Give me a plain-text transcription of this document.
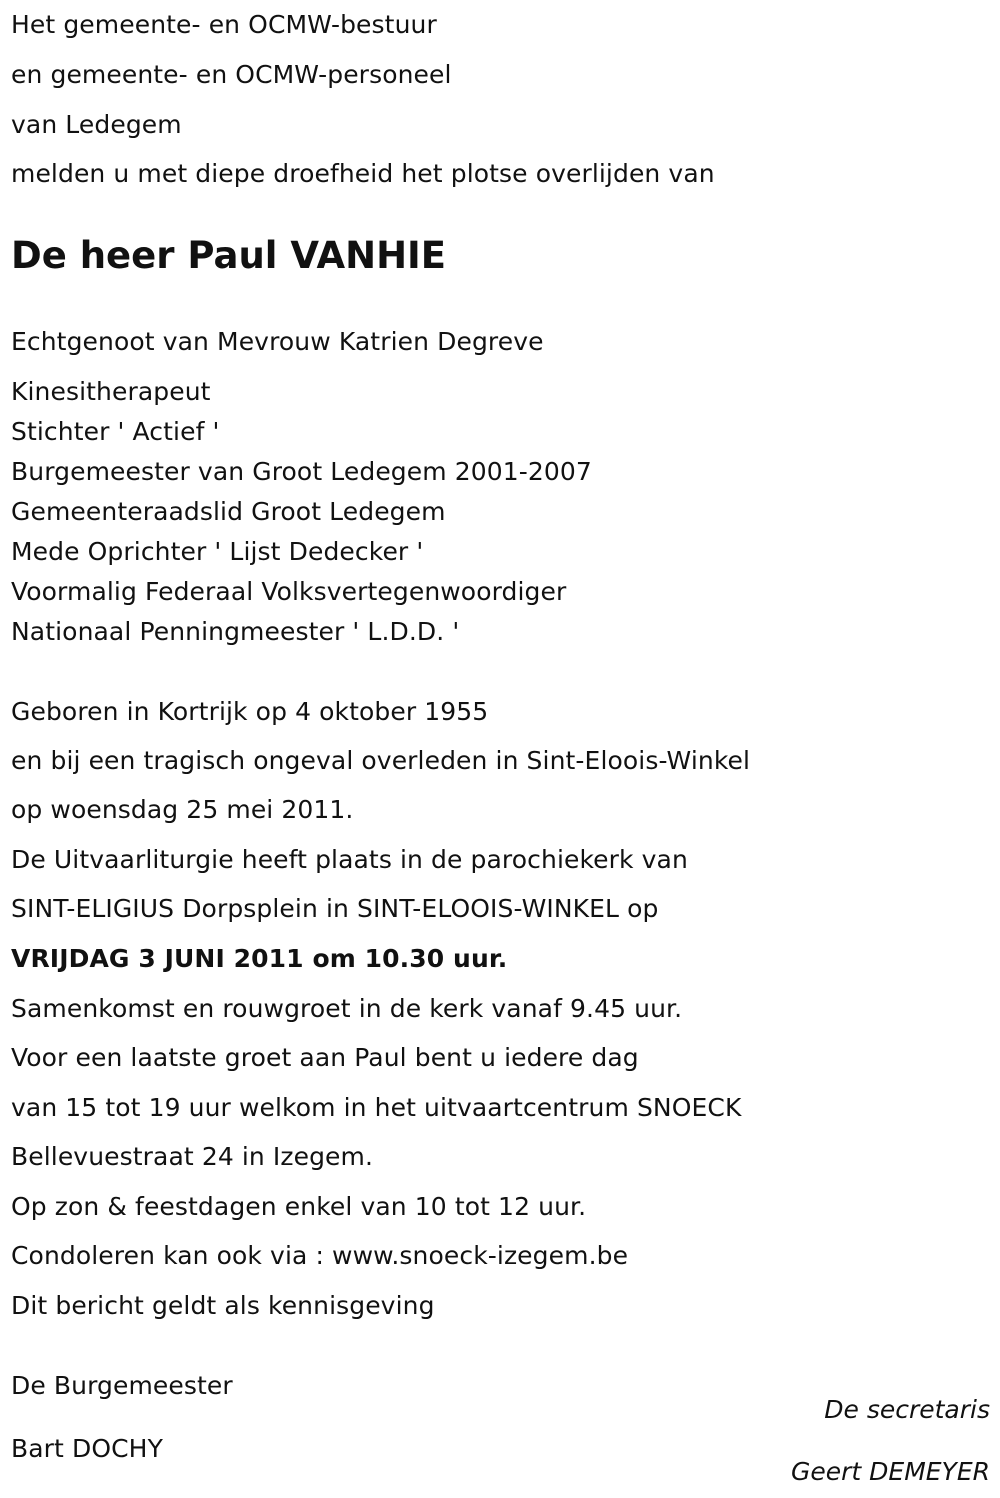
Het gemeente- en OCMW-bestuur
en gemeente- en OCMW-personeel
van Ledegem
melden u met diepe droefheid het plotse overlijden van
De heer Paul VANHIE
Echtgenoot van Mevrouw Katrien Degreve
Kinesitherapeut
Stichter ' Actief '
Burgemeester van Groot Ledegem 2001-2007
Gemeenteraadslid Groot Ledegem
Mede Oprichter ' Lijst Dedecker '
Voormalig Federaal Volksvertegenwoordiger
Nationaal Penningmeester ' L.D.D. '
Geboren in Kortrijk op 4 oktober 1955
en bij een tragisch ongeval overleden in Sint-Eloois-Winkel
op woensdag 25 mei 2011.
De Uitvaarliturgie heeft plaats in de parochiekerk van
SINT-ELIGIUS Dorpsplein in SINT-ELOOIS-WINKEL op
VRIJDAG 3 JUNI 2011 om 10.30 uur.
Samenkomst en rouwgroet in de kerk vanaf 9.45 uur.
Voor een laatste groet aan Paul bent u iedere dag
van 15 tot 19 uur welkom in het uitvaartcentrum SNOECK
Bellevuestraat 24 in Izegem.
Op zon & feestdagen enkel van 10 tot 12 uur.
Condoleren kan ook via : www.snoeck-izegem.be
Dit bericht geldt als kennisgeving
De Burgemeester
Bart DOCHY
De secretaris
Geert DEMEYER
